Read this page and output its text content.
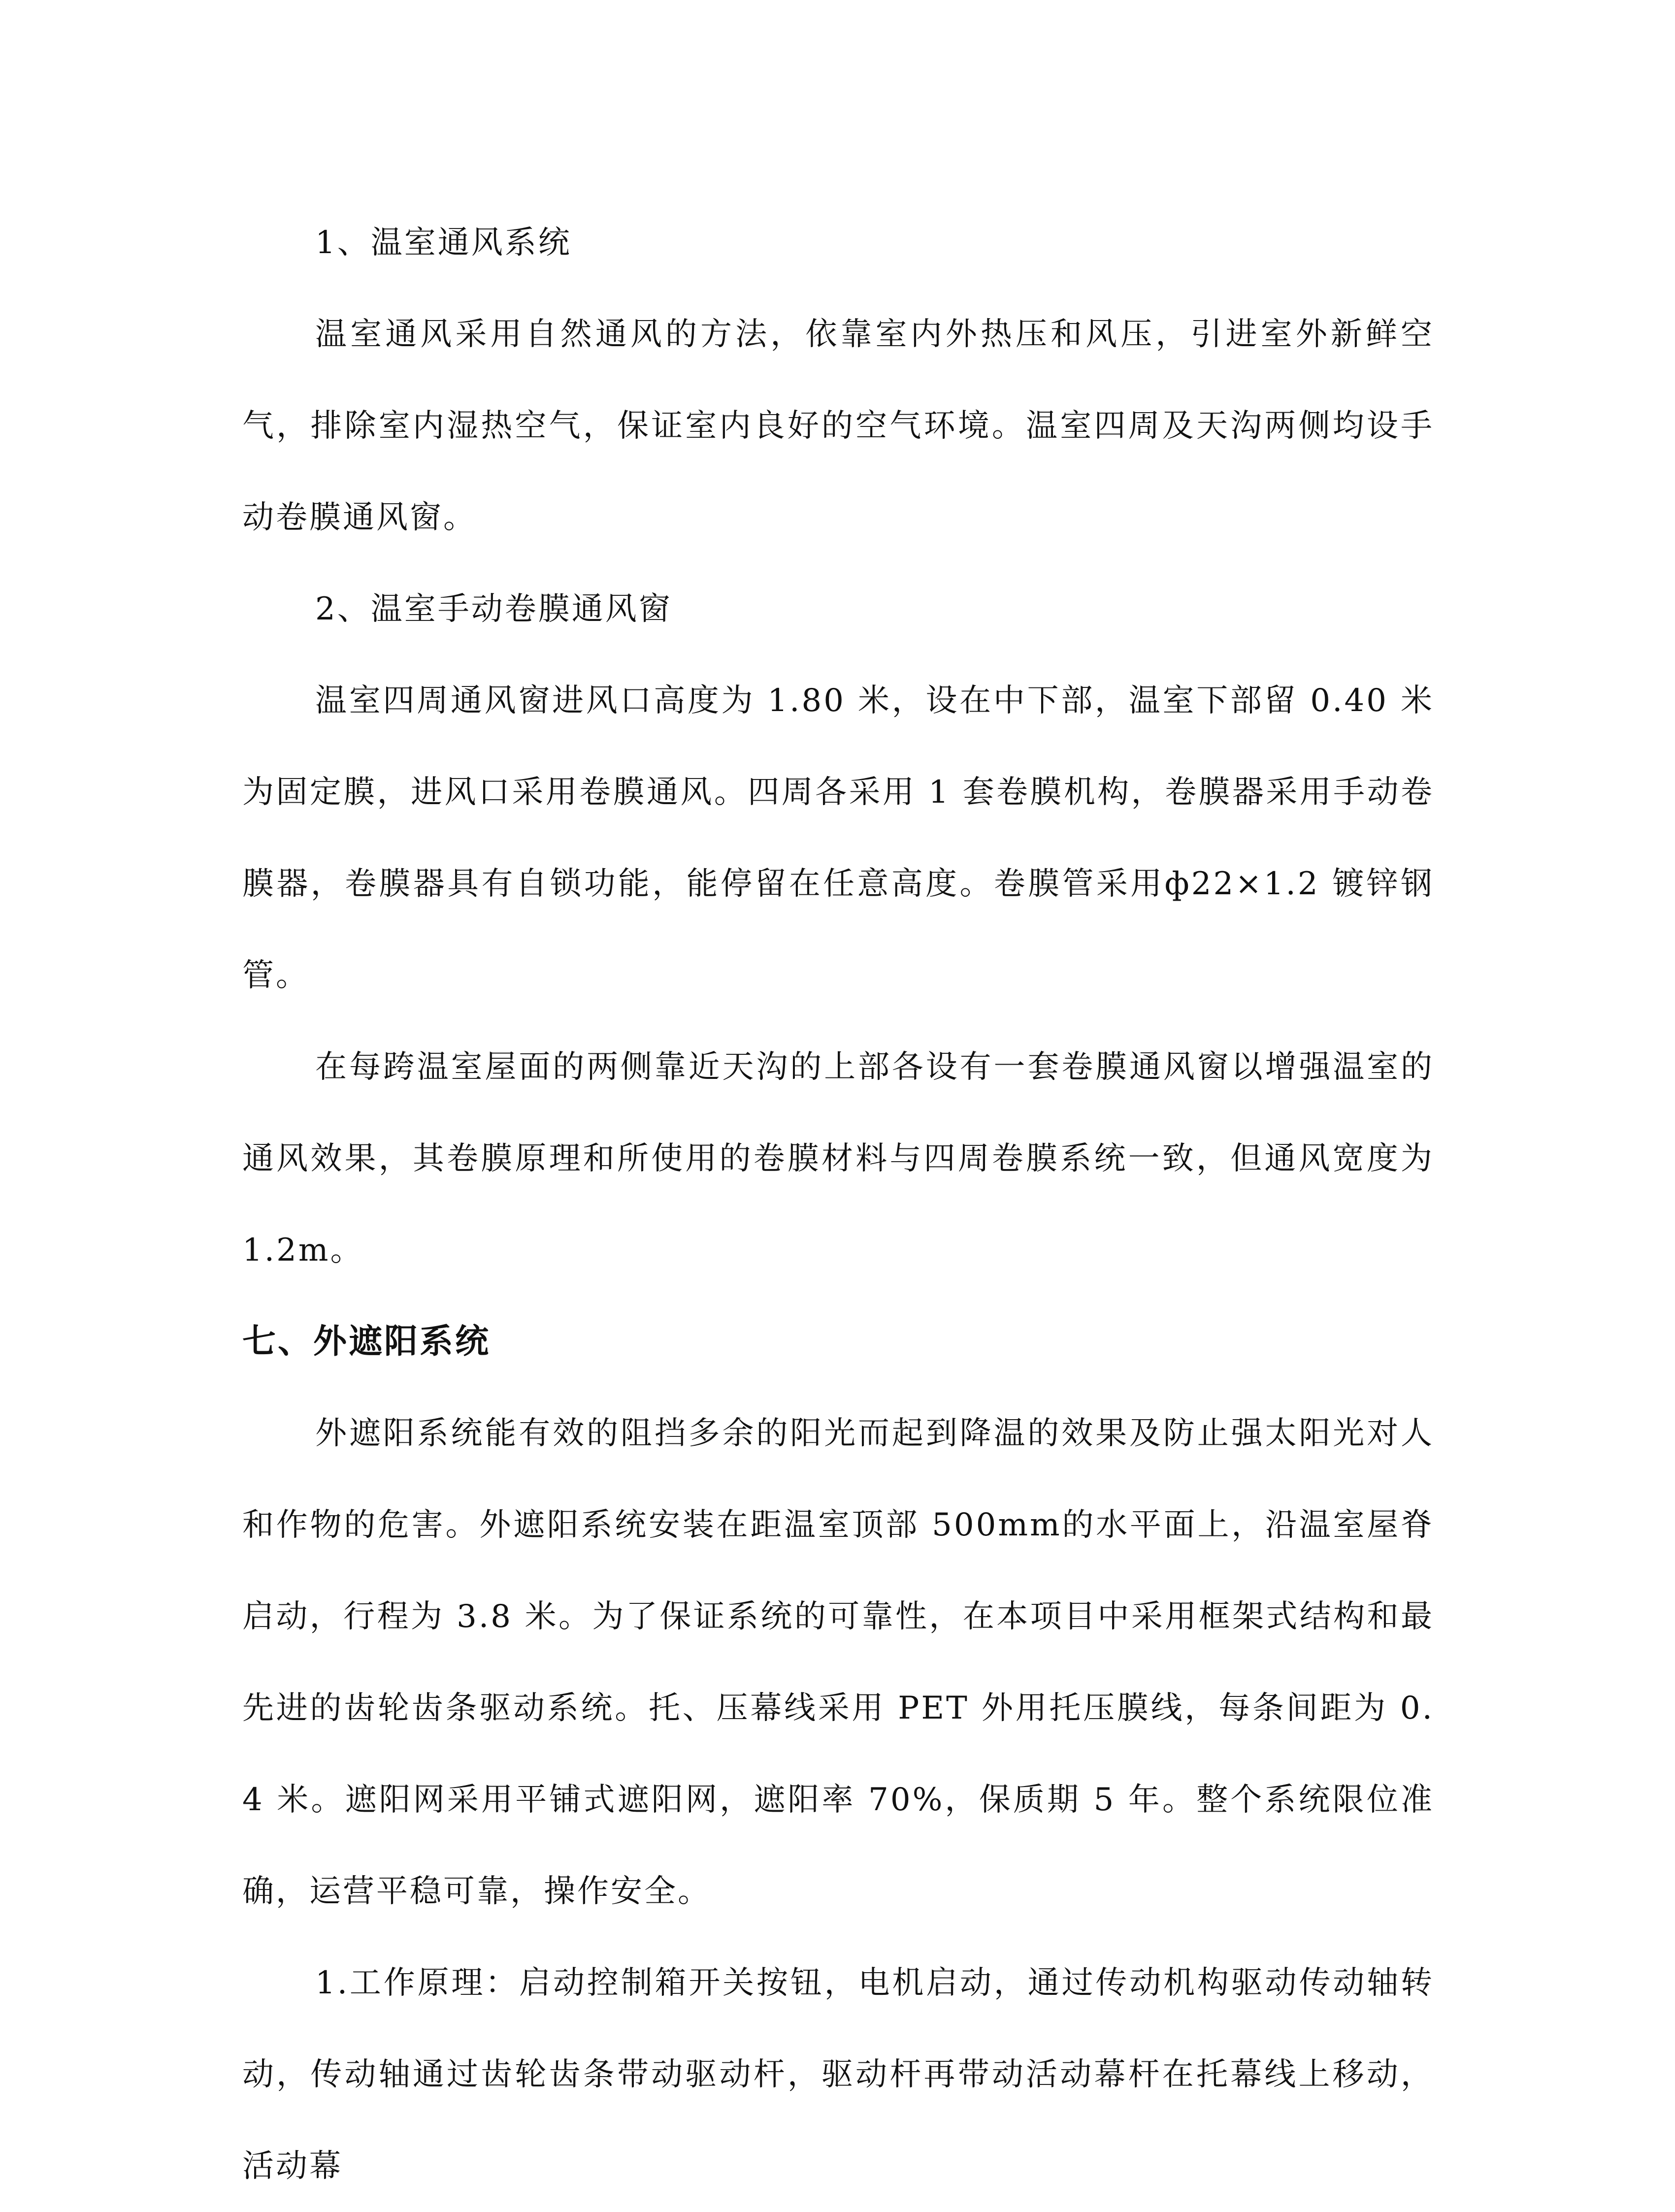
1、温室通风系统

温室通风采用自然通风的方法，依靠室内外热压和风压，引进室外新鲜空气，排除室内湿热空气，保证室内良好的空气环境。温室四周及天沟两侧均设手动卷膜通风窗。

2、温室手动卷膜通风窗

温室四周通风窗进风口高度为 1.80 米，设在中下部，温室下部留 0.40 米为固定膜，进风口采用卷膜通风。四周各采用 1 套卷膜机构，卷膜器采用手动卷膜器，卷膜器具有自锁功能，能停留在任意高度。卷膜管采用ф22×1.2 镀锌钢管。

在每跨温室屋面的两侧靠近天沟的上部各设有一套卷膜通风窗以增强温室的通风效果，其卷膜原理和所使用的卷膜材料与四周卷膜系统一致，但通风宽度为 1.2m。

七、外遮阳系统

外遮阳系统能有效的阻挡多余的阳光而起到降温的效果及防止强太阳光对人和作物的危害。外遮阳系统安装在距温室顶部 500mm的水平面上，沿温室屋脊启动，行程为 3.8 米。为了保证系统的可靠性，在本项目中采用框架式结构和最先进的齿轮齿条驱动系统。托、压幕线采用 PET 外用托压膜线，每条间距为 0.4 米。遮阳网采用平铺式遮阳网，遮阳率 70%，保质期 5 年。整个系统限位准确，运营平稳可靠，操作安全。

1.工作原理：启动控制箱开关按钮，电机启动，通过传动机构驱动传动轴转动，传动轴通过齿轮齿条带动驱动杆，驱动杆再带动活动幕杆在托幕线上移动，活动幕
